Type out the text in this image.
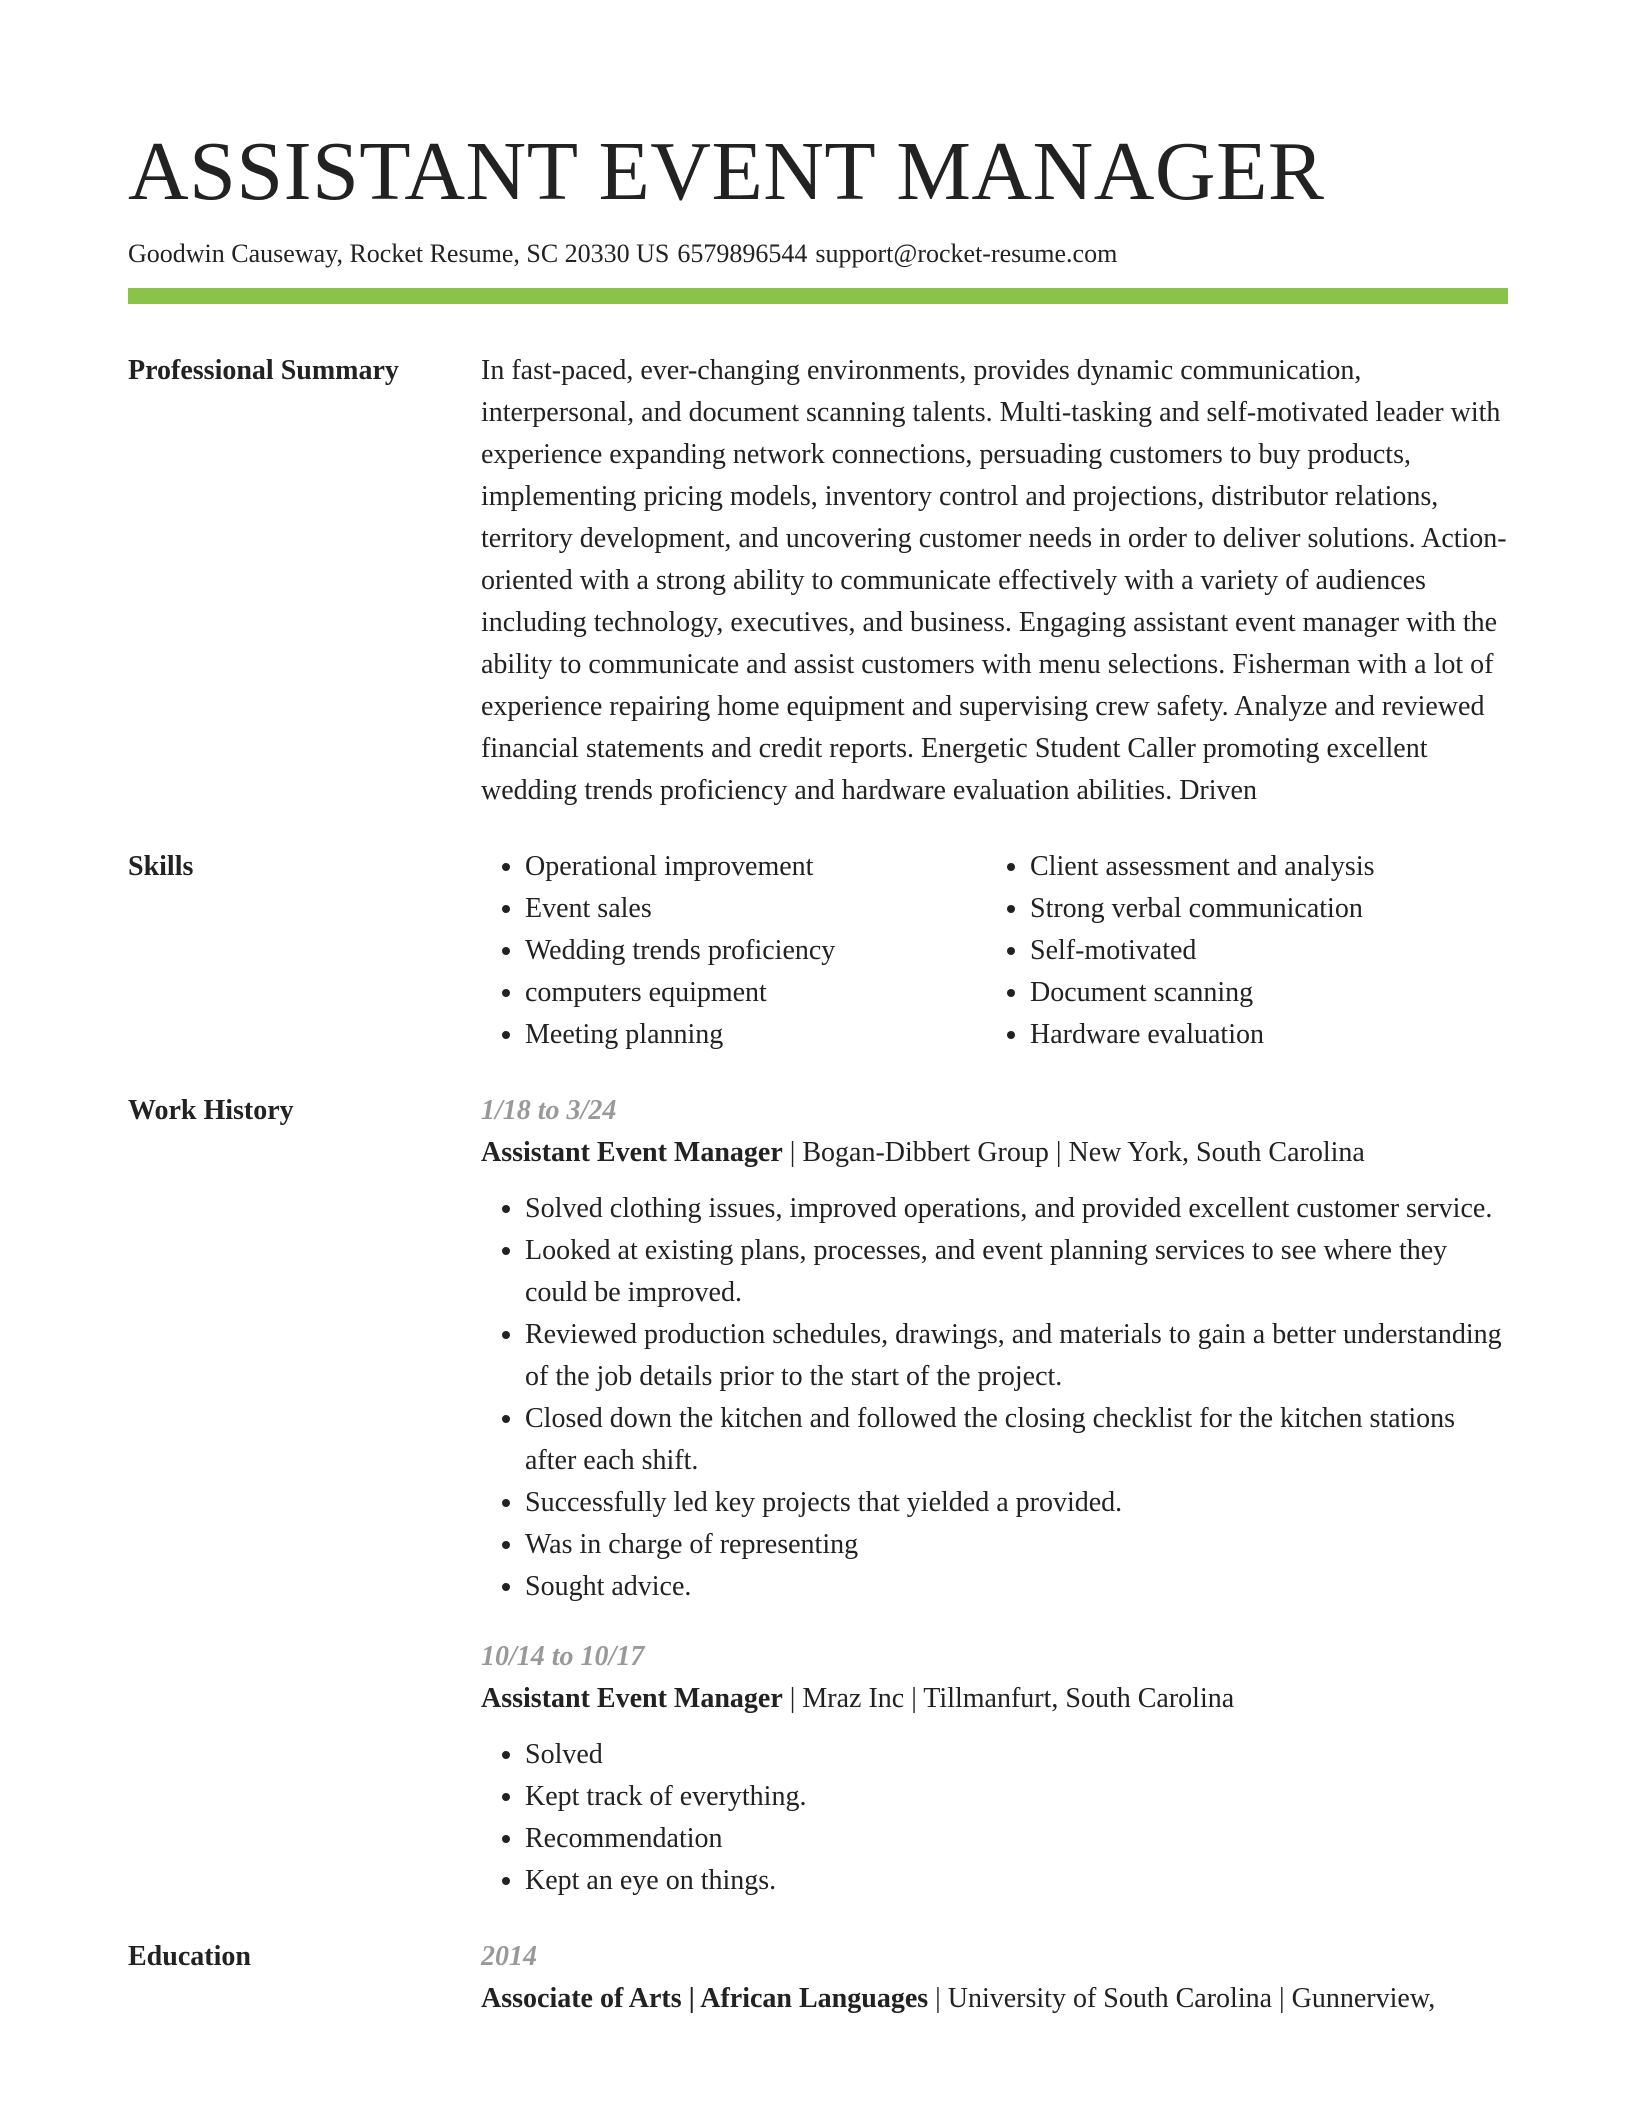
ASSISTANT EVENT MANAGER
Goodwin Causeway, Rocket Resume, SC 20330 US 6579896544 support@rocket-resume.com
Professional Summary	In fast-paced, ever-changing environments, provides dynamic communication, interpersonal, and document scanning talents. Multi-tasking and self-motivated leader with experience expanding network connections, persuading customers to buy products, implementing pricing models, inventory control and projections, distributor relations, territory development, and uncovering customer needs in order to deliver solutions. Action-oriented with a strong ability to communicate effectively with a variety of audiences including technology, executives, and business. Engaging assistant event manager with the ability to communicate and assist customers with menu selections. Fisherman with a lot of experience repairing home equipment and supervising crew safety. Analyze and reviewed financial statements and credit reports. Energetic Student Caller promoting excellent wedding trends proficiency and hardware evaluation abilities. Driven

Skills
•	Operational improvement
• Event sales
• Wedding trends proficiency
• computers equipment
• Meeting planning
• Client assessment and analysis
• Strong verbal communication
• Self-motivated
• Document scanning
• Hardware evaluation
Work History	1/18 to 3/24
Assistant Event Manager | Bogan-Dibbert Group | New York, South Carolina
• Solved clothing issues, improved operations, and provided excellent customer service.
• Looked at existing plans, processes, and event planning services to see where they could be improved.
• Reviewed production schedules, drawings, and materials to gain a better understanding of the job details prior to the start of the project.
• Closed down the kitchen and followed the closing checklist for the kitchen stations after each shift.
• Successfully led key projects that yielded a provided.
• Was in charge of representing
• Sought advice.
10/14 to 10/17
Assistant Event Manager | Mraz Inc | Tillmanfurt, South Carolina
• Solved
• Kept track of everything.
• Recommendation
• Kept an eye on things.
Education	2014
Associate of Arts | African Languages | University of South Carolina | Gunnerview,
